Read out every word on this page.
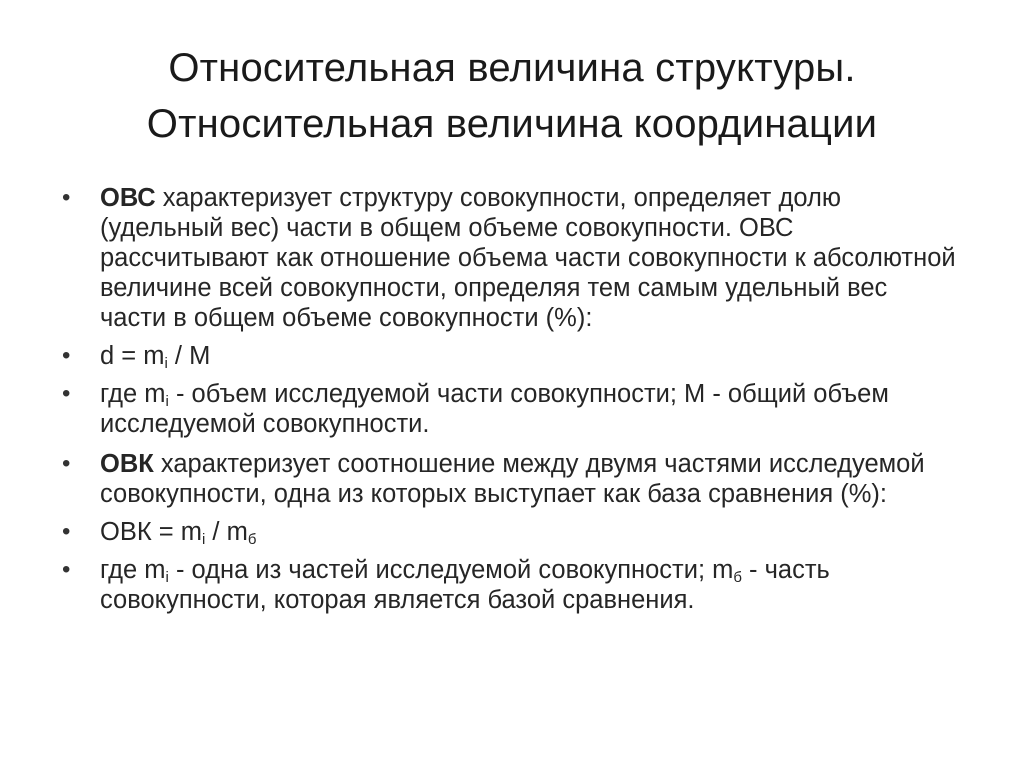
Относительная величина структуры.
Относительная величина координации
• ОВС характеризует структуру совокупности, определяет долю (удельный вес) части в общем объеме совокупности. ОВС рассчитывают как отношение объема части совокупности к абсолютной величине всей совокупности, определяя тем самым удельный вес части в общем объеме совокупности (%):
• $d = m_i / M$
• где $m_i$ - объем исследуемой части совокупности; M - общий объем исследуемой совокупности.
• ОВК характеризует соотношение между двумя частями исследуемой совокупности, одна из которых выступает как база сравнения (%):
• ОВК = $m_i / m_б$
• где $m_i$ - одна из частей исследуемой совокупности; $m_б$ - часть совокупности, которая является базой сравнения.
